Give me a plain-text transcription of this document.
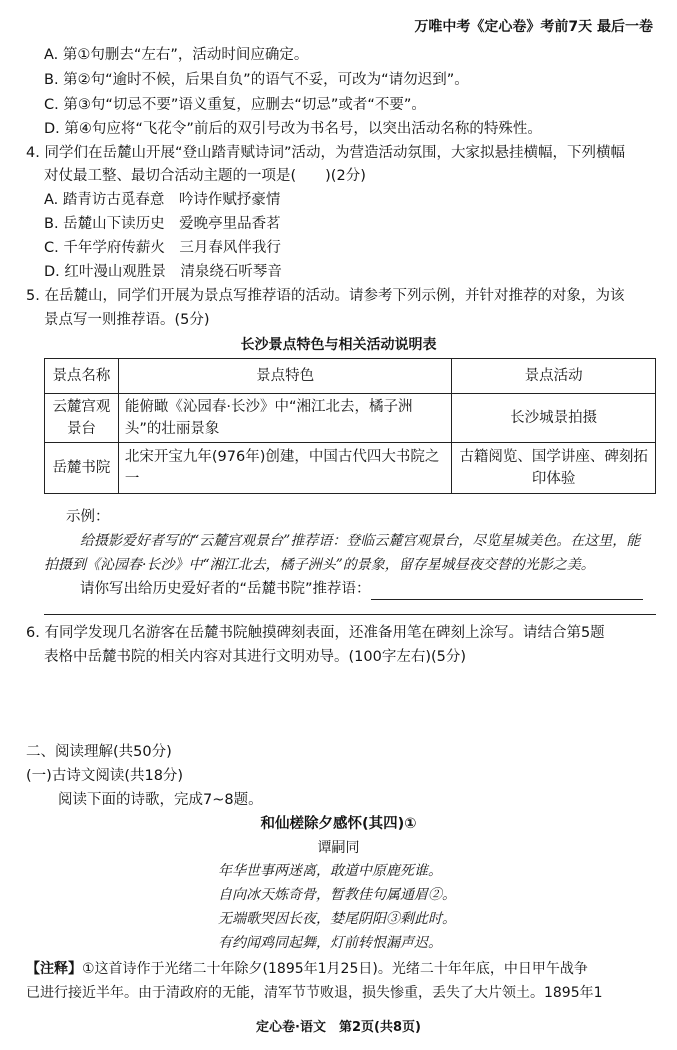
万唯中考《定心卷》考前7天 最后一卷
A. 第①句删去“左右”，活动时间应确定。
B. 第②句“逾时不候，后果自负”的语气不妥，可改为“请勿迟到”。
C. 第③句“切忌不要”语义重复，应删去“切忌”或者“不要”。
D. 第④句应将“飞花令”前后的双引号改为书名号，以突出活动名称的特殊性。
4. 同学们在岳麓山开展“登山踏青赋诗词”活动，为营造活动氛围，大家拟悬挂横幅，下列横幅
对仗最工整、最切合活动主题的一项是(　　)(2分)
A. 踏青访古觅春意　吟诗作赋抒豪情
B. 岳麓山下读历史　爱晚亭里品香茗
C. 千年学府传薪火　三月春风伴我行
D. 红叶漫山观胜景　清泉绕石听琴音
5. 在岳麓山，同学们开展为景点写推荐语的活动。请参考下列示例，并针对推荐的对象，为该
景点写一则推荐语。(5分)
长沙景点特色与相关活动说明表
景点名称	景点特色	景点活动
云麓宫观景台	能俯瞰《沁园春·长沙》中“湘江北去，橘子洲头”的壮丽景象	长沙城景拍摄
岳麓书院	北宋开宝九年(976年)创建，中国古代四大书院之一	古籍阅览、国学讲座、碑刻拓印体验
示例：
给摄影爱好者写的“云麓宫观景台”推荐语：登临云麓宫观景台，尽览星城美色。在这里，能
拍摄到《沁园春·长沙》中“湘江北去，橘子洲头”的景象，留存星城昼夜交替的光影之美。
请你写出给历史爱好者的“岳麓书院”推荐语：
6. 有同学发现几名游客在岳麓书院触摸碑刻表面，还准备用笔在碑刻上涂写。请结合第5题
表格中岳麓书院的相关内容对其进行文明劝导。(100字左右)(5分)
二、阅读理解(共50分)
(一)古诗文阅读(共18分)
阅读下面的诗歌，完成7~8题。
和仙槎除夕感怀(其四)①
谭嗣同
年华世事两迷离，敢道中原鹿死谁。
自向冰天炼奇骨，暂教佳句属通眉②。
无端歌哭因长夜，婪尾阴阳③剩此时。
有约闻鸡同起舞，灯前转恨漏声迟。
【注释】①这首诗作于光绪二十年除夕(1895年1月25日)。光绪二十年年底，中日甲午战争
已进行接近半年。由于清政府的无能，清军节节败退，损失惨重，丢失了大片领土。1895年1
定心卷·语文　第2页(共8页)
